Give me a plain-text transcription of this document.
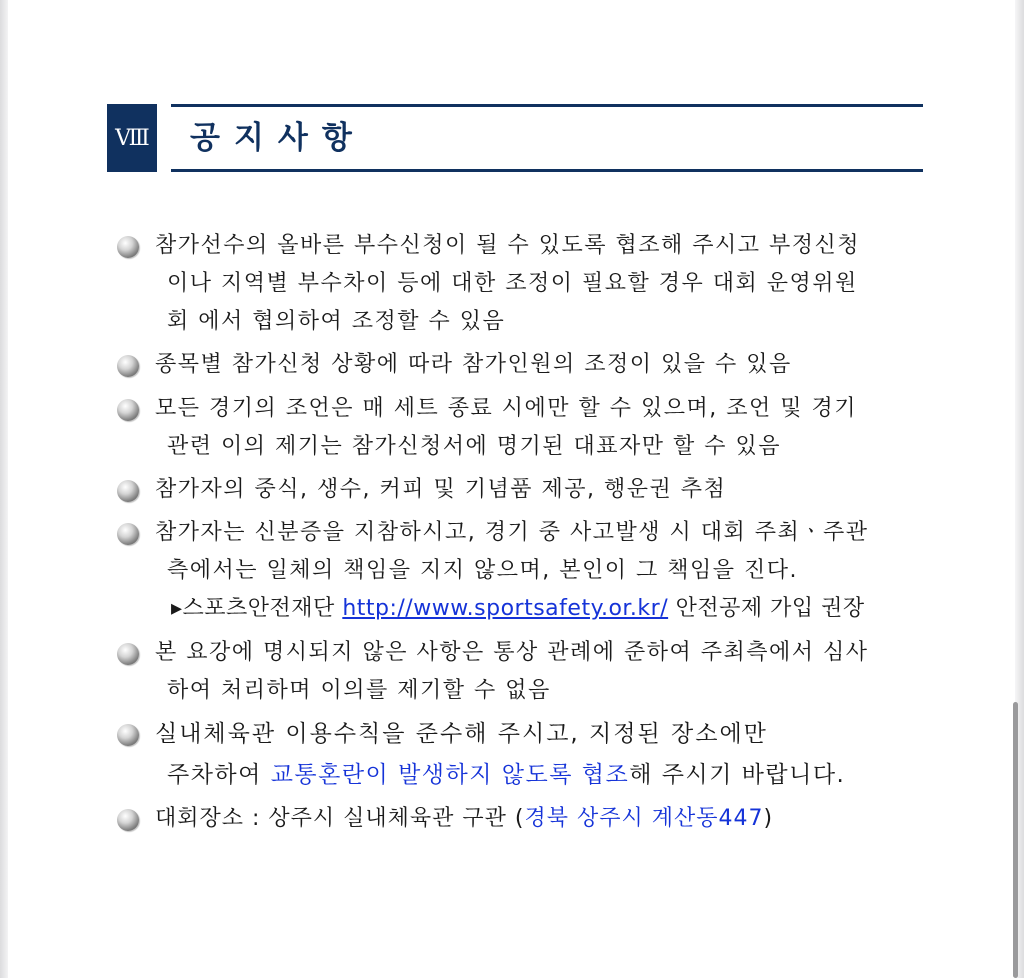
Ⅷ 공지사항
참가선수의 올바른 부수신청이 될 수 있도록 협조해 주시고 부정신청
이나 지역별 부수차이 등에 대한 조정이 필요할 경우 대회 운영위원
회 에서 협의하여 조정할 수 있음
종목별 참가신청 상황에 따라 참가인원의 조정이 있을 수 있음
모든 경기의 조언은 매 세트 종료 시에만 할 수 있으며, 조언 및 경기
관련 이의 제기는 참가신청서에 명기된 대표자만 할 수 있음
참가자의 중식, 생수, 커피 및 기념품 제공, 행운권 추첨
참가자는 신분증을 지참하시고, 경기 중 사고발생 시 대회 주최ㆍ주관
측에서는 일체의 책임을 지지 않으며, 본인이 그 책임을 진다.
▸스포츠안전재단 http://www.sportsafety.or.kr/ 안전공제 가입 권장
본 요강에 명시되지 않은 사항은 통상 관례에 준하여 주최측에서 심사
하여 처리하며 이의를 제기할 수 없음
실내체육관 이용수칙을 준수해 주시고, 지정된 장소에만
주차하여 교통혼란이 발생하지 않도록 협조해 주시기 바랍니다.
대회장소 : 상주시 실내체육관 구관 (경북 상주시 계산동447)
